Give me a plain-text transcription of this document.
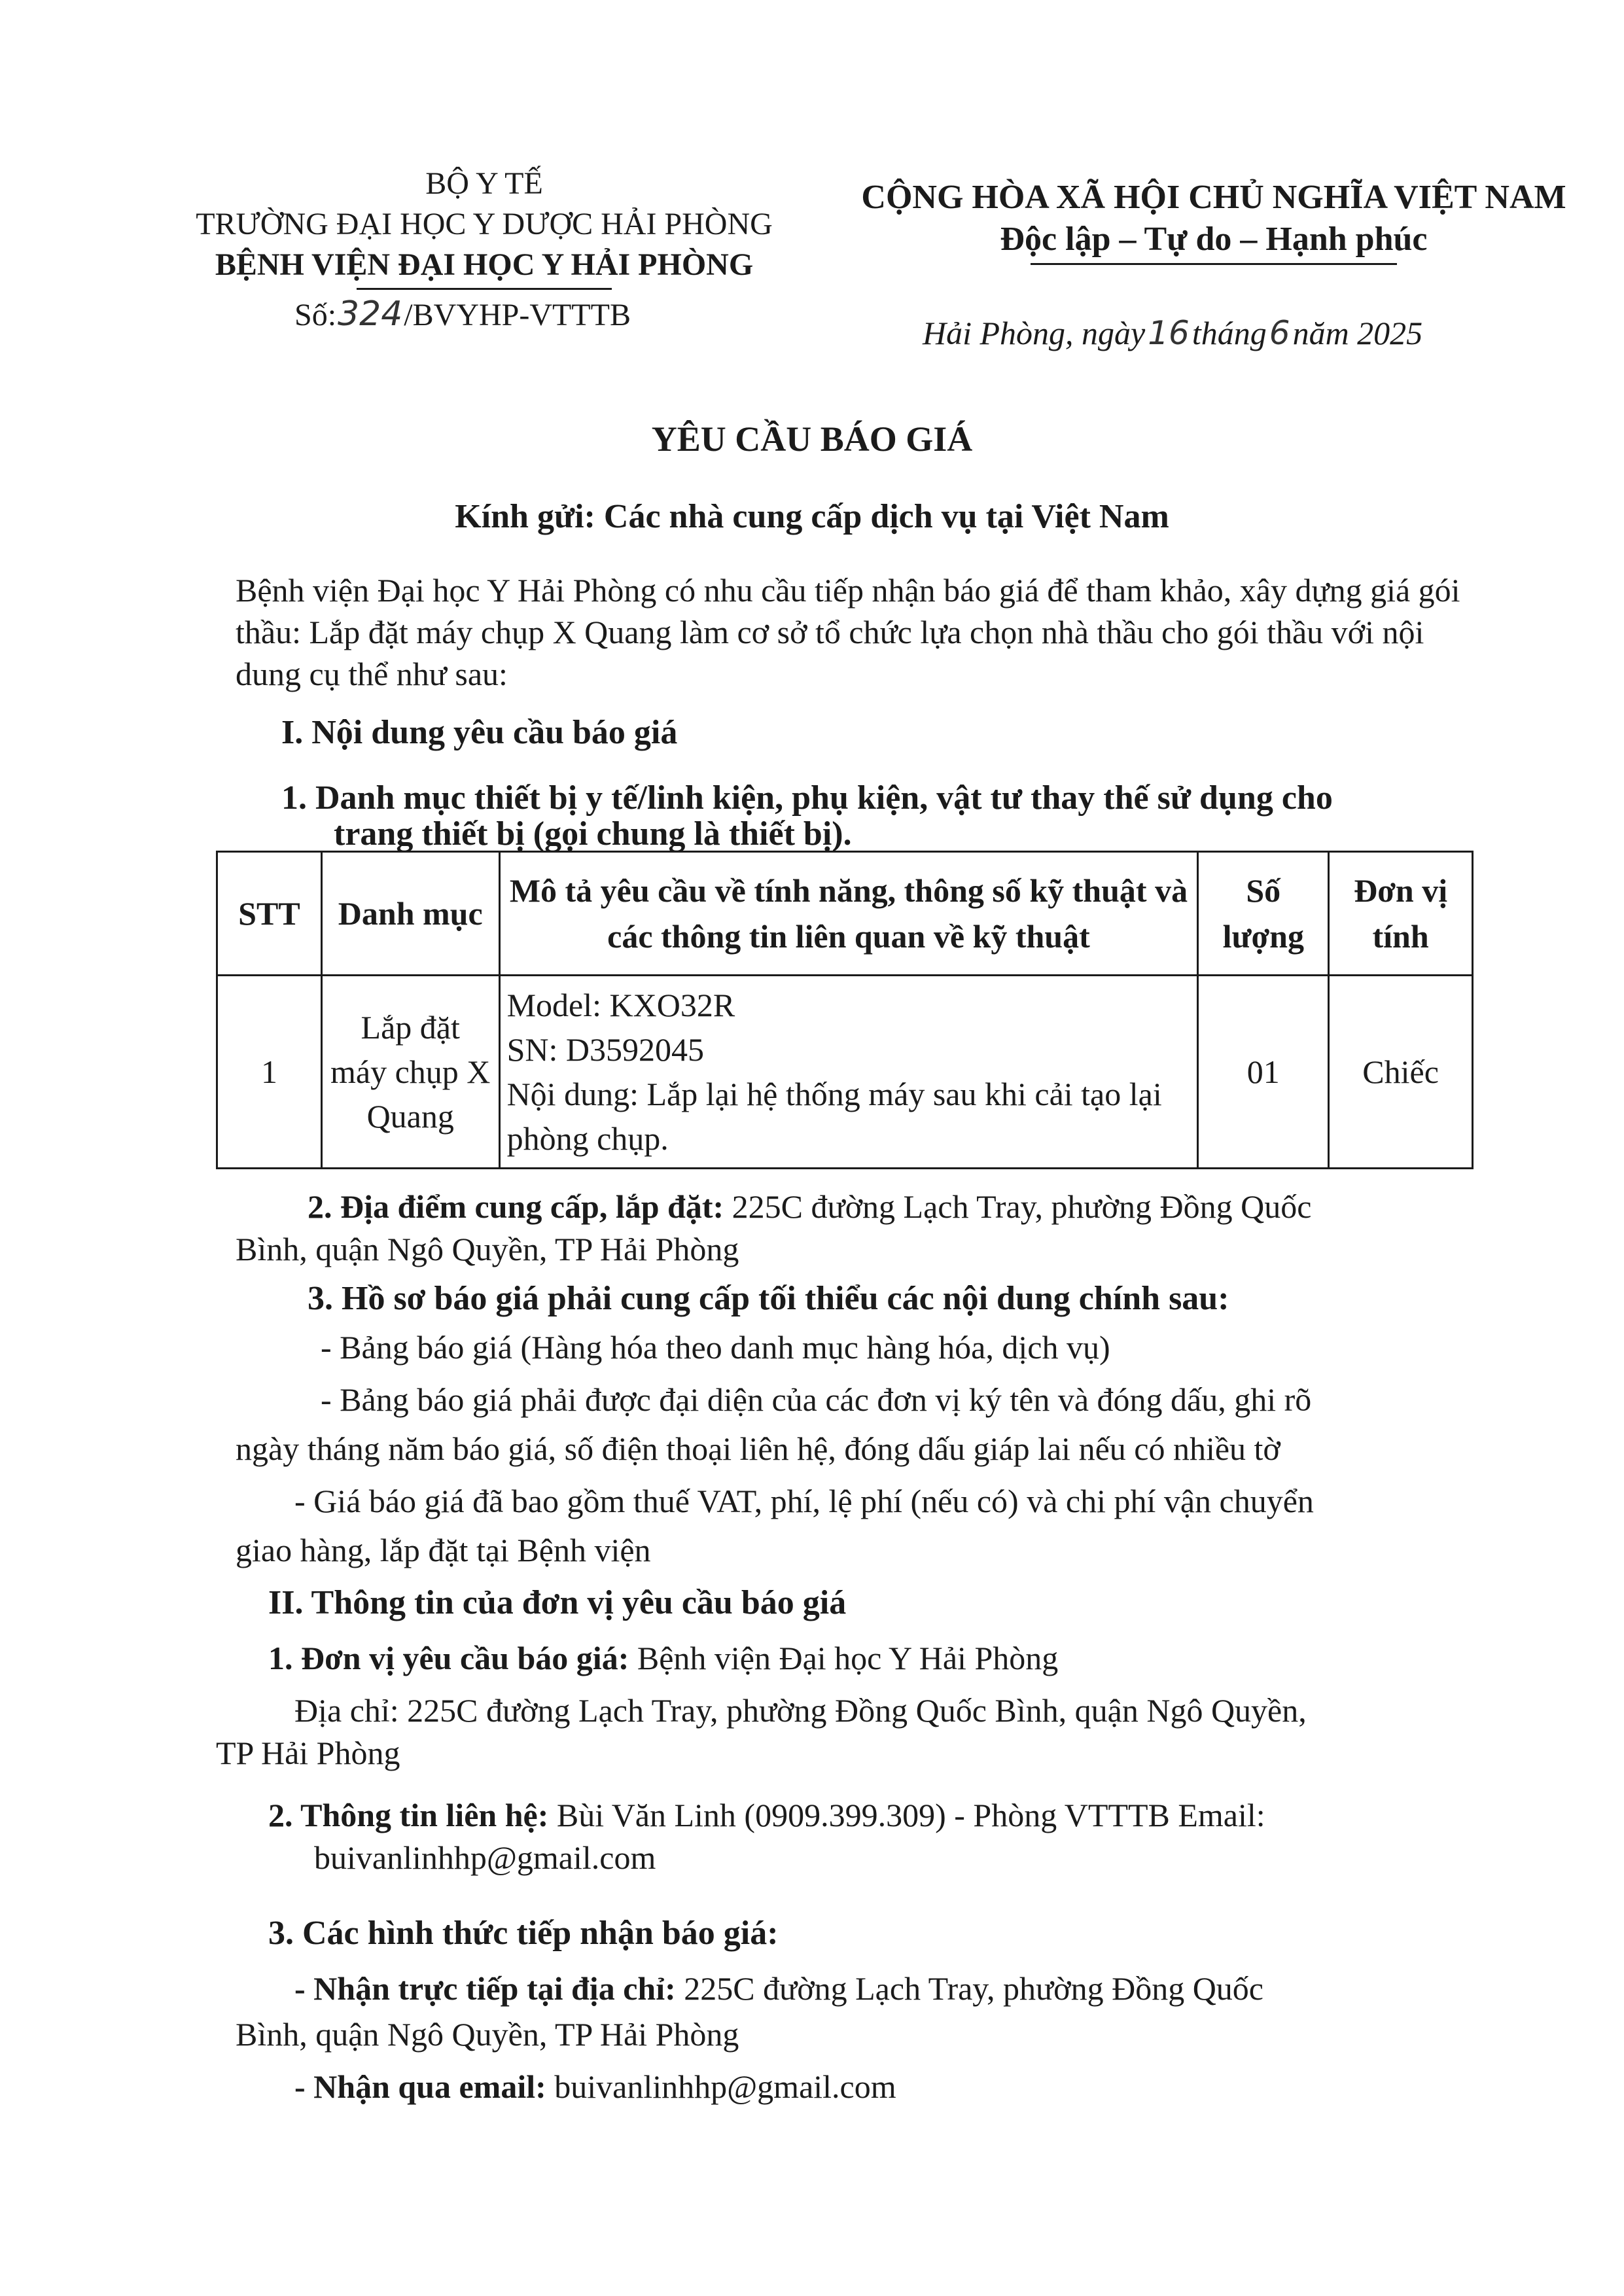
BỘ Y TẾ
TRƯỜNG ĐẠI HỌC Y DƯỢC HẢI PHÒNG
BỆNH VIỆN ĐẠI HỌC Y HẢI PHÒNG
Số:324/BVYHP-VTTTB
CỘNG HÒA XÃ HỘI CHỦ NGHĨA VIỆT NAM
Độc lập – Tự do – Hạnh phúc
Hải Phòng, ngày16tháng6năm 2025
YÊU CẦU BÁO GIÁ
Kính gửi: Các nhà cung cấp dịch vụ tại Việt Nam
Bệnh viện Đại học Y Hải Phòng có nhu cầu tiếp nhận báo giá để tham khảo, xây dựng giá gói thầu: Lắp đặt máy chụp X Quang làm cơ sở tổ chức lựa chọn nhà thầu cho gói thầu với nội dung cụ thể như sau:
I. Nội dung yêu cầu báo giá
1. Danh mục thiết bị y tế/linh kiện, phụ kiện, vật tư thay thế sử dụng cho
trang thiết bị (gọi chung là thiết bị).
STT	Danh mục	Mô tả yêu cầu về tính năng, thông số kỹ thuật và các thông tin liên quan về kỹ thuật	Số lượng	Đơn vị tính
1	Lắp đặt máy chụp X Quang	Model: KXO32R
SN: D3592045
Nội dung: Lắp lại hệ thống máy sau khi cải tạo lại phòng chụp.	01	Chiếc
2. Địa điểm cung cấp, lắp đặt: 225C đường Lạch Tray, phường Đồng Quốc
Bình, quận Ngô Quyền, TP Hải Phòng
3. Hồ sơ báo giá phải cung cấp tối thiểu các nội dung chính sau:
- Bảng báo giá (Hàng hóa theo danh mục hàng hóa, dịch vụ)
- Bảng báo giá phải được đại diện của các đơn vị ký tên và đóng dấu, ghi rõ
ngày tháng năm báo giá, số điện thoại liên hệ, đóng dấu giáp lai nếu có nhiều tờ
- Giá báo giá đã bao gồm thuế VAT, phí, lệ phí (nếu có) và chi phí vận chuyển
giao hàng, lắp đặt tại Bệnh viện
II. Thông tin của đơn vị yêu cầu báo giá
1. Đơn vị yêu cầu báo giá: Bệnh viện Đại học Y Hải Phòng
Địa chỉ: 225C đường Lạch Tray, phường Đồng Quốc Bình, quận Ngô Quyền,
TP Hải Phòng
2. Thông tin liên hệ: Bùi Văn Linh (0909.399.309) - Phòng VTTTB Email:
buivanlinhhp@gmail.com
3. Các hình thức tiếp nhận báo giá:
- Nhận trực tiếp tại địa chỉ: 225C đường Lạch Tray, phường Đồng Quốc
Bình, quận Ngô Quyền, TP Hải Phòng
- Nhận qua email: buivanlinhhp@gmail.com
